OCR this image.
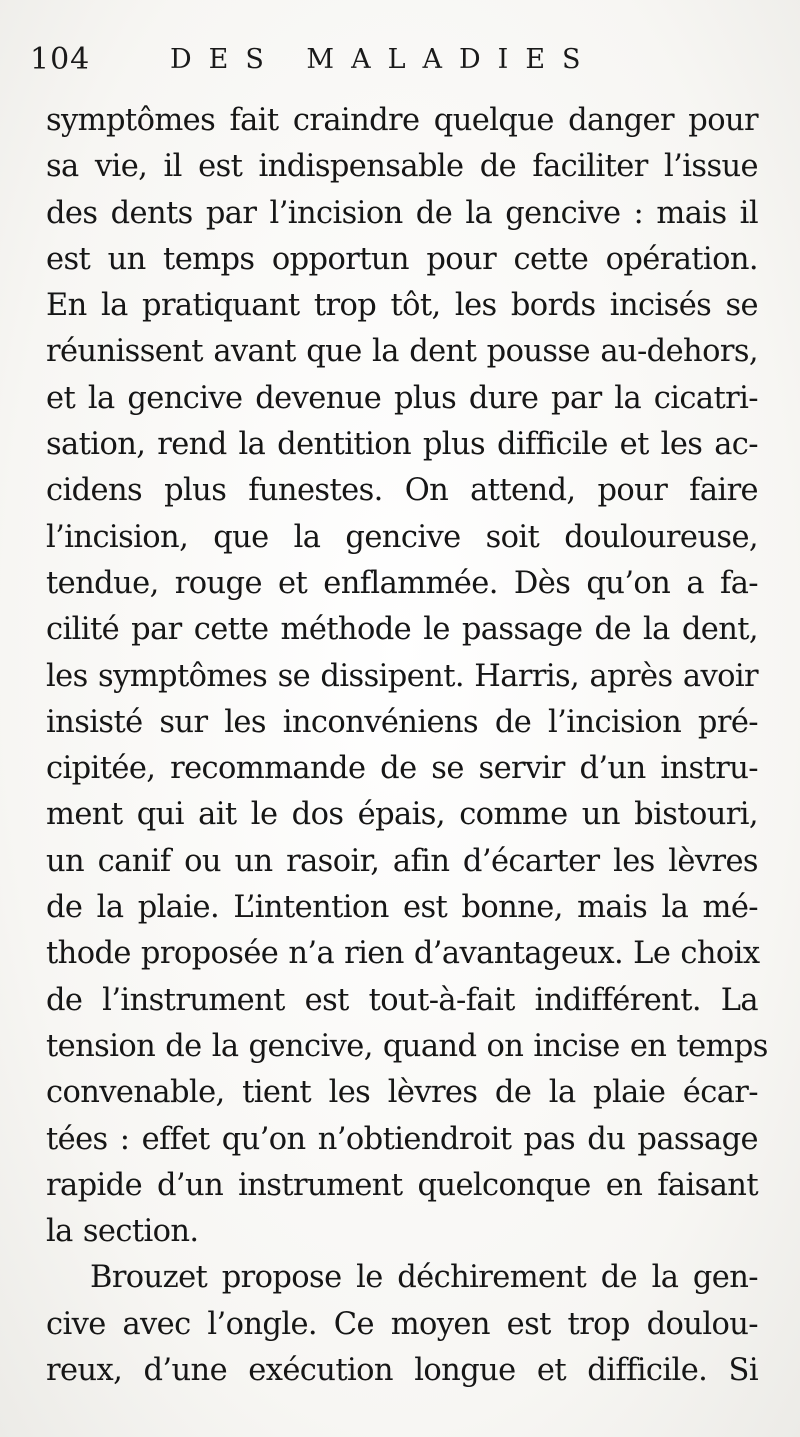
104	DES MALADIES
symptômes fait craindre quelque danger pour
sa vie, il est indispensable de faciliter l’issue
des dents par l’incision de la gencive : mais il
est un temps opportun pour cette opération.
En la pratiquant trop tôt, les bords incisés se
réunissent avant que la dent pousse au-dehors,
et la gencive devenue plus dure par la cicatri-
sation, rend la dentition plus difficile et les ac-
cidens plus funestes. On attend, pour faire
l’incision, que la gencive soit douloureuse,
tendue, rouge et enflammée. Dès qu’on a fa-
cilité par cette méthode le passage de la dent,
les symptômes se dissipent. Harris, après avoir
insisté sur les inconvéniens de l’incision pré-
cipitée, recommande de se servir d’un instru-
ment qui ait le dos épais, comme un bistouri,
un canif ou un rasoir, afin d’écarter les lèvres
de la plaie. L’intention est bonne, mais la mé-
thode proposée n’a rien d’avantageux. Le choix
de l’instrument est tout-à-fait indifférent. La
tension de la gencive, quand on incise en temps
convenable, tient les lèvres de la plaie écar-
tées : effet qu’on n’obtiendroit pas du passage
rapide d’un instrument quelconque en faisant
la section.
Brouzet propose le déchirement de la gen-
cive avec l’ongle. Ce moyen est trop doulou-
reux, d’une exécution longue et difficile. Si
